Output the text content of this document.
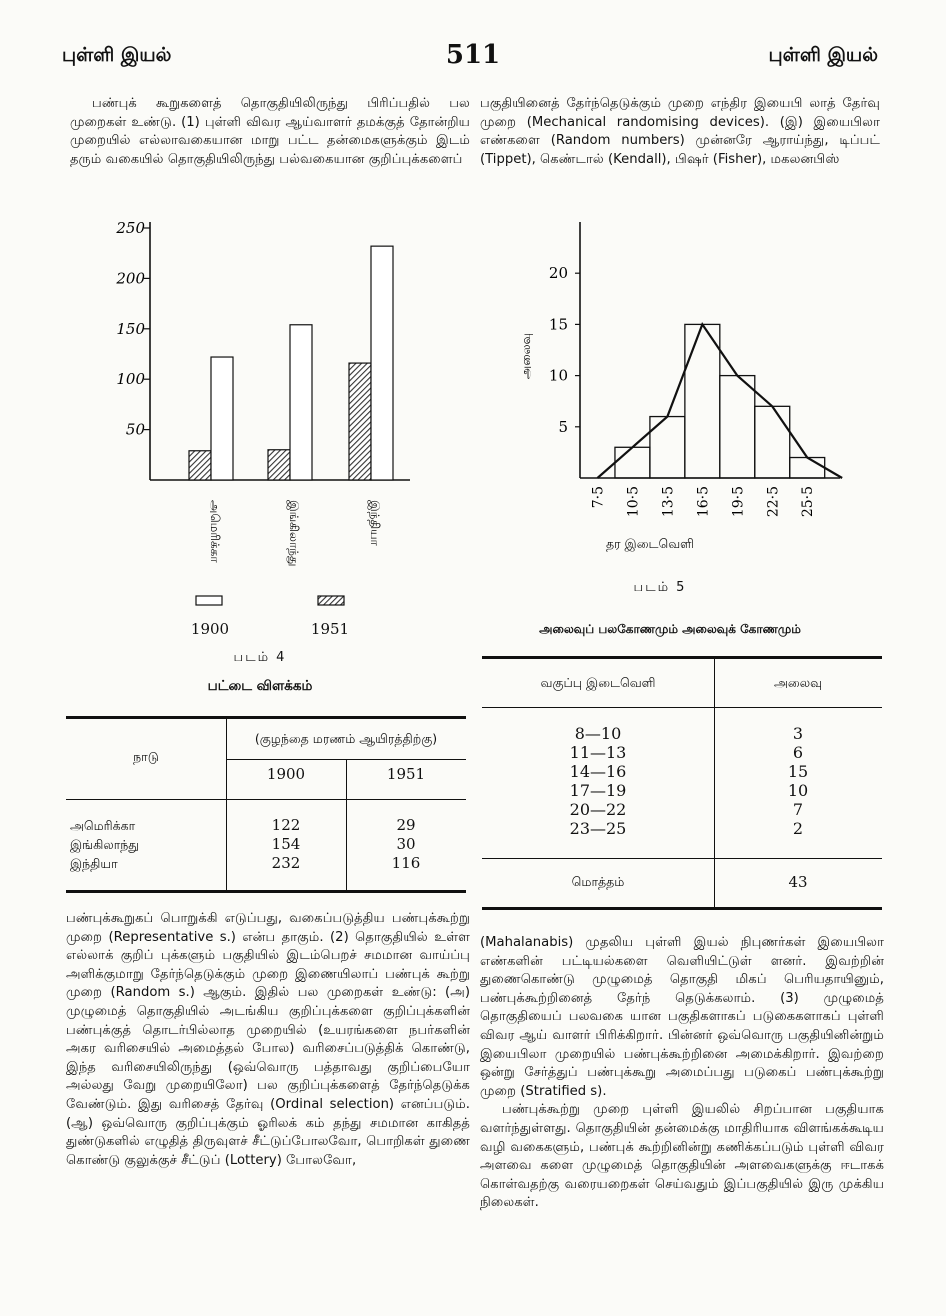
புள்ளி இயல்	511	புள்ளி இயல்

பண்புக் கூறுகளைத் தொகுதியிலிருந்து பிரிப்பதில் பல முறைகள் உண்டு. (1) புள்ளி விவர ஆய்வாளர் தமக்குத் தோன்றிய முறையில் எல்லாவகையான மாறு பட்ட தன்மைகளுக்கும் இடம் தரும் வகையில் தொகுதியிலிருந்து பல்வகையான குறிப்புக்களைப்

பகுதியினைத் தேர்ந்தெடுக்கும் முறை எந்திர இயைபி லாத் தேர்வு முறை (Mechanical randomising devices). (இ) இயைபிலா எண்களை (Random numbers) முன்னரே ஆராய்ந்து, டிப்பட் (Tippet), கெண்டால் (Kendall), பிஷர் (Fisher), மகலனபிஸ்

250
200
150
100
50
அமெரிக்கா	இங்கிலாந்து	இந்தியா
1900	1951
படம் 4
பட்டை விளக்கம்
நாடு
(குழந்தை மரணம் ஆயிரத்திற்கு)
1900	1951
அமெரிக்கா	122	29
இங்கிலாந்து	154	30
இந்தியா	232	116
5
10
15
20
7·5 10·5 13·5 16·5 19·5 22·5 25·5
அலைவு
தர இடைவெளி
படம் 5
அலைவுப் பலகோணமும் அலைவுக் கோணமும்
வகுப்பு இடைவெளி	அலைவு
8—10	3
11—13	6
14—16	15
17—19	10
20—22	7
23—25	2
மொத்தம்	43

பண்புக்கூறுகப் பொறுக்கி எடுப்பது, வகைப்படுத்திய பண்புக்கூற்று முறை (Representative s.) என்ப தாகும். (2) தொகுதியில் உள்ள எல்லாக் குறிப் புக்களும் பகுதியில் இடம்பெறச் சமமான வாய்ப்பு அளிக்குமாறு தேர்ந்தெடுக்கும் முறை இணையிலாப் பண்புக் கூற்று முறை (Random s.) ஆகும். இதில் பல முறைகள் உண்டு: (அ) முழுமைத் தொகுதியில் அடங்கிய குறிப்புக்களை குறிப்புக்களின் பண்புக்குத் தொடர்பில்லாத முறையில் (உயரங்களை நபர்களின் அகர வரிசையில் அமைத்தல் போல) வரிசைப்படுத்திக் கொண்டு, இந்த வரிசையிலிருந்து (ஒவ்வொரு பத்தாவது குறிப்பையோ அல்லது வேறு முறையிலோ) பல குறிப்புக்களைத் தேர்ந்தெடுக்க வேண்டும். இது வரிசைத் தேர்வு (Ordinal selection) எனப்படும். (ஆ) ஒவ்வொரு குறிப்புக்கும் ஓரிலக் கம் தந்து சமமான காகிதத் துண்டுகளில் எழுதித் திருவுளச் சீட்டுப்போலவோ, பொறிகள் துணை கொண்டு குலுக்குச் சீட்டுப் (Lottery) போலவோ,

(Mahalanabis) முதலிய புள்ளி இயல் நிபுணர்கள் இயைபிலா எண்களின் பட்டியல்களை வெளியிட்டுள் ளனர். இவற்றின் துணைகொண்டு முழுமைத் தொகுதி மிகப் பெரியதாயினும், பண்புக்கூற்றினைத் தேர்ந் தெடுக்கலாம். (3) முழுமைத் தொகுதியைப் பலவகை யான பகுதிகளாகப் படுகைகளாகப் புள்ளி விவர ஆய் வாளர் பிரிக்கிறார். பின்னர் ஒவ்வொரு பகுதியினின்றும் இயைபிலா முறையில் பண்புக்கூற்றினை அமைக்கிறார். இவற்றை ஒன்று சேர்த்துப் பண்புக்கூறு அமைப்பது படுகைப் பண்புக்கூற்று முறை (Stratified s).

பண்புக்கூற்று முறை புள்ளி இயலில் சிறப்பான பகுதியாக வளர்ந்துள்ளது. தொகுதியின் தன்மைக்கு மாதிரியாக விளங்கக்கூடிய வழி வகைகளும், பண்புக் கூற்றினின்று கணிக்கப்படும் புள்ளி விவர அளவை களை முழுமைத் தொகுதியின் அளவைகளுக்கு ஈடாகக் கொள்வதற்கு வரையறைகள் செய்வதும் இப்பகுதியில் இரு முக்கிய நிலைகள்.
